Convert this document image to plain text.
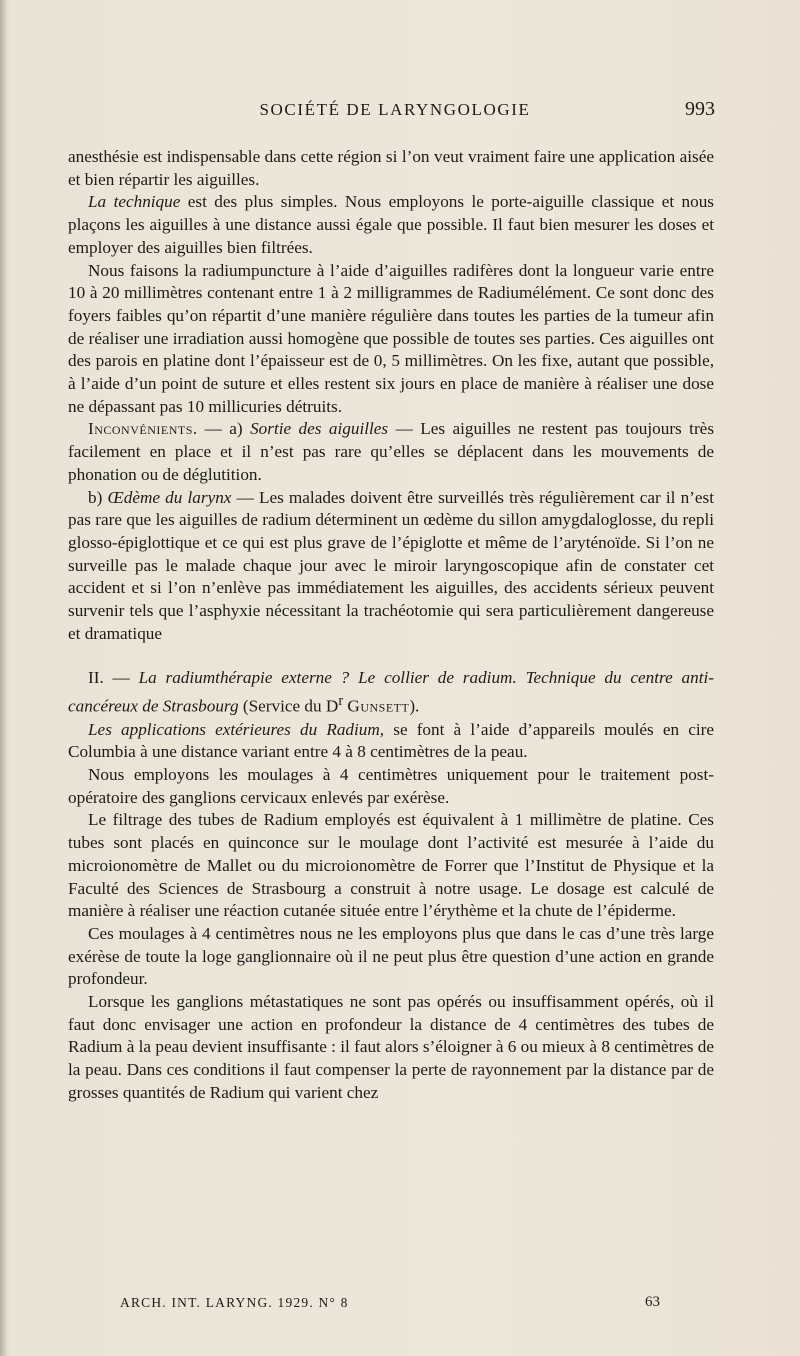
SOCIÉTÉ DE LARYNGOLOGIE	993

anesthésie est indispensable dans cette région si l’on veut vraiment faire une application aisée et bien répartir les aiguilles.

La technique est des plus simples. Nous employons le porte-aiguille classique et nous plaçons les aiguilles à une distance aussi égale que possible. Il faut bien mesurer les doses et employer des aiguilles bien filtrées.

Nous faisons la radiumpuncture à l’aide d’aiguilles radifères dont la longueur varie entre 10 à 20 millimètres contenant entre 1 à 2 milligrammes de Radiumélément. Ce sont donc des foyers faibles qu’on répartit d’une manière régulière dans toutes les parties de la tumeur afin de réaliser une irradiation aussi homogène que possible de toutes ses parties. Ces aiguilles ont des parois en platine dont l’épaisseur est de 0, 5 millimètres. On les fixe, autant que possible, à l’aide d’un point de suture et elles restent six jours en place de manière à réaliser une dose ne dépassant pas 10 millicuries détruits.

Inconvénients. — a) Sortie des aiguilles — Les aiguilles ne restent pas toujours très facilement en place et il n’est pas rare qu’elles se déplacent dans les mouvements de phonation ou de déglutition.

b) Œdème du larynx — Les malades doivent être surveillés très régulièrement car il n’est pas rare que les aiguilles de radium déterminent un œdème du sillon amygdaloglosse, du repli glosso-épiglottique et ce qui est plus grave de l’épiglotte et même de l’aryténoïde. Si l’on ne surveille pas le malade chaque jour avec le miroir laryngoscopique afin de constater cet accident et si l’on n’enlève pas immédiatement les aiguilles, des accidents sérieux peuvent survenir tels que l’asphyxie nécessitant la trachéotomie qui sera particulièrement dangereuse et dramatique

II. — La radiumthérapie externe ? Le collier de radium. Technique du centre anti-cancéreux de Strasbourg (Service du $D^r$ Gunsett).

Les applications extérieures du Radium, se font à l’aide d’appareils moulés en cire Columbia à une distance variant entre 4 à 8 centimètres de la peau.

Nous employons les moulages à 4 centimètres uniquement pour le traitement post-opératoire des ganglions cervicaux enlevés par exérèse.

Le filtrage des tubes de Radium employés est équivalent à 1 millimètre de platine. Ces tubes sont placés en quinconce sur le moulage dont l’activité est mesurée à l’aide du microionomètre de Mallet ou du microionomètre de Forrer que l’Institut de Physique et la Faculté des Sciences de Strasbourg a construit à notre usage. Le dosage est calculé de manière à réaliser une réaction cutanée située entre l’érythème et la chute de l’épiderme.

Ces moulages à 4 centimètres nous ne les employons plus que dans le cas d’une très large exérèse de toute la loge ganglionnaire où il ne peut plus être question d’une action en grande profondeur.

Lorsque les ganglions métastatiques ne sont pas opérés ou insuffisamment opérés, où il faut donc envisager une action en profondeur la distance de 4 centimètres des tubes de Radium à la peau devient insuffisante : il faut alors s’éloigner à 6 ou mieux à 8 centimètres de la peau. Dans ces conditions il faut compenser la perte de rayonnement par la distance par de grosses quantités de Radium qui varient chez

ARCH. INT. LARYNG. 1929. N° 8	63
